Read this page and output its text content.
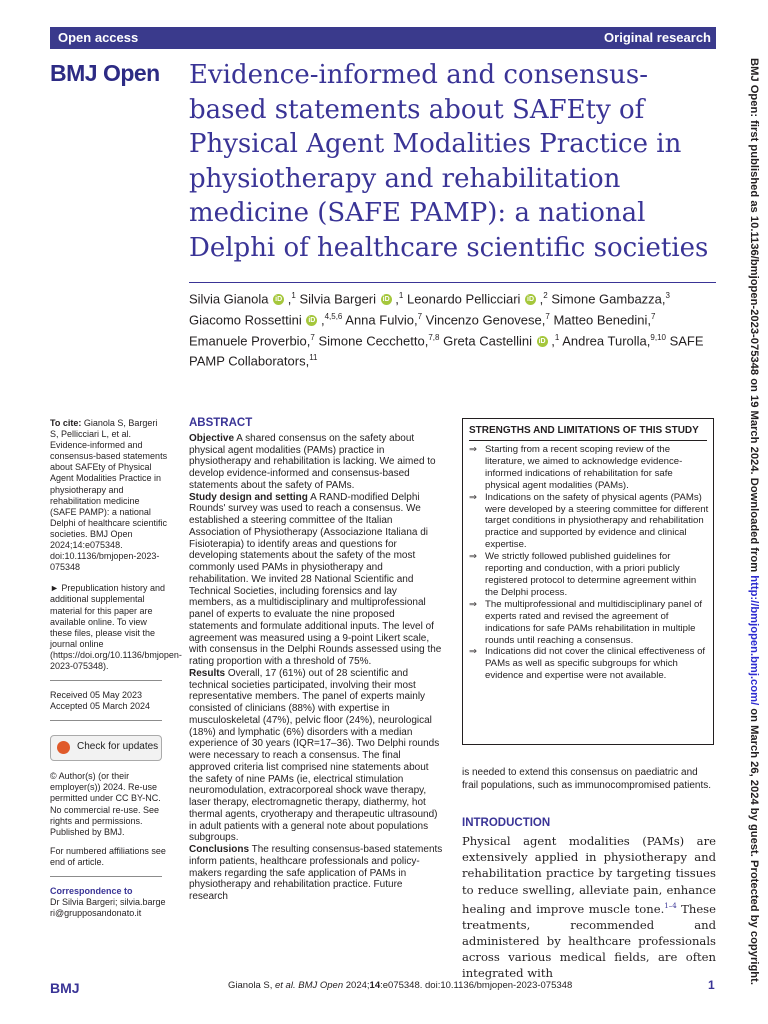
Open access	Original research
BMJ Open Evidence-informed and consensus-based statements about SAFEty of Physical Agent Modalities Practice in physiotherapy and rehabilitation medicine (SAFE PAMP): a national Delphi of healthcare scientific societies
Silvia Gianola iD ,$^1$ Silvia Bargeri iD ,$^1$ Leonardo Pellicciari iD ,$^2$ Simone Gambazza,$^3$ Giacomo Rossettini iD ,$^{4,5,6}$ Anna Fulvio,$^7$ Vincenzo Genovese,$^7$ Matteo Benedini,$^7$ Emanuele Proverbio,$^7$ Simone Cecchetto,$^{7,8}$ Greta Castellini iD ,$^1$ Andrea Turolla,$^{9,10}$ SAFE PAMP Collaborators,$^{11}$

To cite: Gianola S, Bargeri S, Pellicciari L, et al. Evidence-informed and consensus-based statements about SAFEty of Physical Agent Modalities Practice in physiotherapy and rehabilitation medicine (SAFE PAMP): a national Delphi of healthcare scientific societies. BMJ Open 2024;14:e075348. doi:10.1136/bmjopen-2023-075348

► Prepublication history and additional supplemental material for this paper are available online. To view these files, please visit the journal online (https://doi.org/10.1136/bmjopen-2023-075348).

Received 05 May 2023

Accepted 05 March 2024

Check for updates

© Author(s) (or their employer(s)) 2024. Re-use permitted under CC BY-NC. No commercial re-use. See rights and permissions. Published by BMJ.

For numbered affiliations see end of article.

Correspondence to

Dr Silvia Bargeri; silvia.bargeri@grupposandonato.it

ABSTRACT

Objective A shared consensus on the safety about physical agent modalities (PAMs) practice in physiotherapy and rehabilitation is lacking. We aimed to develop evidence-informed and consensus-based statements about the safety of PAMs.

Study design and setting A RAND-modified Delphi Rounds' survey was used to reach a consensus. We established a steering committee of the Italian Association of Physiotherapy (Associazione Italiana di Fisioterapia) to identify areas and questions for developing statements about the safety of the most commonly used PAMs in physiotherapy and rehabilitation. We invited 28 National Scientific and Technical Societies, including forensics and lay members, as a multidisciplinary and multiprofessional panel of experts to evaluate the nine proposed statements and formulate additional inputs. The level of agreement was measured using a 9-point Likert scale, with consensus in the Delphi Rounds assessed using the rating proportion with a threshold of 75%.

Results Overall, 17 (61%) out of 28 scientific and technical societies participated, involving their most representative members. The panel of experts mainly consisted of clinicians (88%) with expertise in musculoskeletal (47%), pelvic floor (24%), neurological (18%) and lymphatic (6%) disorders with a median experience of 30 years (IQR=17–36). Two Delphi rounds were necessary to reach a consensus. The final approved criteria list comprised nine statements about the safety of nine PAMs (ie, electrical stimulation neuromodulation, extracorporeal shock wave therapy, laser therapy, electromagnetic therapy, diathermy, hot thermal agents, cryotherapy and therapeutic ultrasound) in adult patients with a general note about populations subgroups.

Conclusions The resulting consensus-based statements inform patients, healthcare professionals and policy-makers regarding the safe application of PAMs in physiotherapy and rehabilitation practice. Future research

STRENGTHS AND LIMITATIONS OF THIS STUDY
⇒ Starting from a recent scoping review of the literature, we aimed to acknowledge evidence-informed indications of rehabilitation for safe physical agent modalities (PAMs).
⇒ Indications on the safety of physical agents (PAMs) were developed by a steering committee for different target conditions in physiotherapy and rehabilitation practice and supported by evidence and clinical expertise.
⇒ We strictly followed published guidelines for reporting and conduction, with a priori publicly registered protocol to determine agreement within the Delphi process.
⇒ The multiprofessional and multidisciplinary panel of experts rated and revised the agreement of indications for safe PAMs rehabilitation in multiple rounds until reaching a consensus.
⇒ Indications did not cover the clinical effectiveness of PAMs as well as specific subgroups for which evidence and expertise were not available.
is needed to extend this consensus on paediatric and frail populations, such as immunocompromised patients.
INTRODUCTION
Physical agent modalities (PAMs) are extensively applied in physiotherapy and rehabilitation practice by targeting tissues to reduce swelling, alleviate pain, enhance healing and improve muscle tone.$^{1-4}$ These treatments, recommended and administered by healthcare professionals across various medical fields, are often integrated with
BMJ	Gianola S, et al. BMJ Open 2024;14:e075348. doi:10.1136/bmjopen-2023-075348	1
BMJ Open: first published as 10.1136/bmjopen-2023-075348 on 19 March 2024. Downloaded from http://bmjopen.bmj.com/ on March 26, 2024 by guest. Protected by copyright.
